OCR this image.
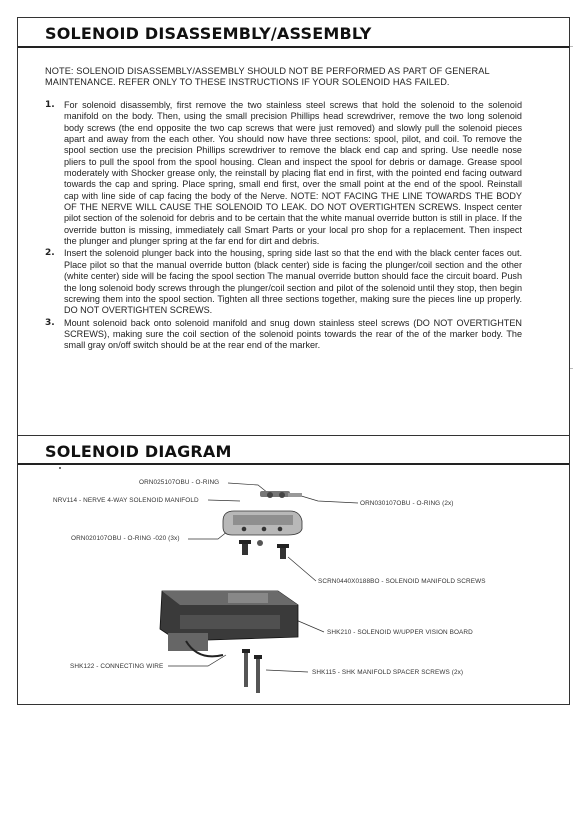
SOLENOID DISASSEMBLY/ASSEMBLY
NOTE: SOLENOID DISASSEMBLY/ASSEMBLY SHOULD NOT BE PERFORMED AS PART OF GENERAL MAINTENANCE. REFER ONLY TO THESE INSTRUCTIONS IF YOUR SOLENOID HAS FAILED.
1. For solenoid disassembly, first remove the two stainless steel screws that hold the solenoid to the solenoid manifold on the body. Then, using the small precision Phillips head screwdriver, remove the two long solenoid body screws (the end opposite the two cap screws that were just removed) and slowly pull the solenoid pieces apart and away from the each other. You should now have three sections: spool, pilot, and coil. To remove the spool section use the precision Phillips screwdriver to remove the black end cap and spring. Use needle nose pliers to pull the spool from the spool housing. Clean and inspect the spool for debris or damage. Grease spool moderately with Shocker grease only, the reinstall by placing flat end in first, with the pointed end facing outward towards the cap and spring. Place spring, small end first, over the small point at the end of the spool. Reinstall cap with line side of cap facing the body of the Nerve. NOTE: NOT FACING THE LINE TOWARDS THE BODY OF THE NERVE WILL CAUSE THE SOLENOID TO LEAK. DO NOT OVERTIGHTEN SCREWS. Inspect center pilot section of the solenoid for debris and to be certain that the white manual override button is still in place. If the override button is missing, immediately call Smart Parts or your local pro shop for a replacement. Then inspect the plunger and plunger spring at the far end for dirt and debris.
2. Insert the solenoid plunger back into the housing, spring side last so that the end with the black center faces out. Place pilot so that the manual override button (black center) side is facing the plunger/coil section and the other (white center) side will be facing the spool section The manual override button should face the circuit board. Push the long solenoid body screws through the plunger/coil section and pilot of the solenoid until they stop, then begin screwing them into the spool section. Tighten all three sections together, making sure the pieces line up properly. DO NOT OVERTIGHTEN SCREWS.
3. Mount solenoid back onto solenoid manifold and snug down stainless steel screws (DO NOT OVERTIGHTEN SCREWS), making sure the coil section of the solenoid points towards the rear of the of the marker body. The small gray on/off switch should be at the rear end of the marker.
SOLENOID DIAGRAM
ORN025107OBU - O-RING
NRV114 - NERVE 4-WAY SOLENOID MANIFOLD	ORN030107OBU - O-RING (2x)
ORN020107OBU - O-RING -020 (3x)
SCRN0440X0188BO - SOLENOID MANIFOLD SCREWS
SHK210 - SOLENOID W/UPPER VISION BOARD
SHK122 - CONNECTING WIRE
SHK115 - SHK MANIFOLD SPACER SCREWS (2x)
